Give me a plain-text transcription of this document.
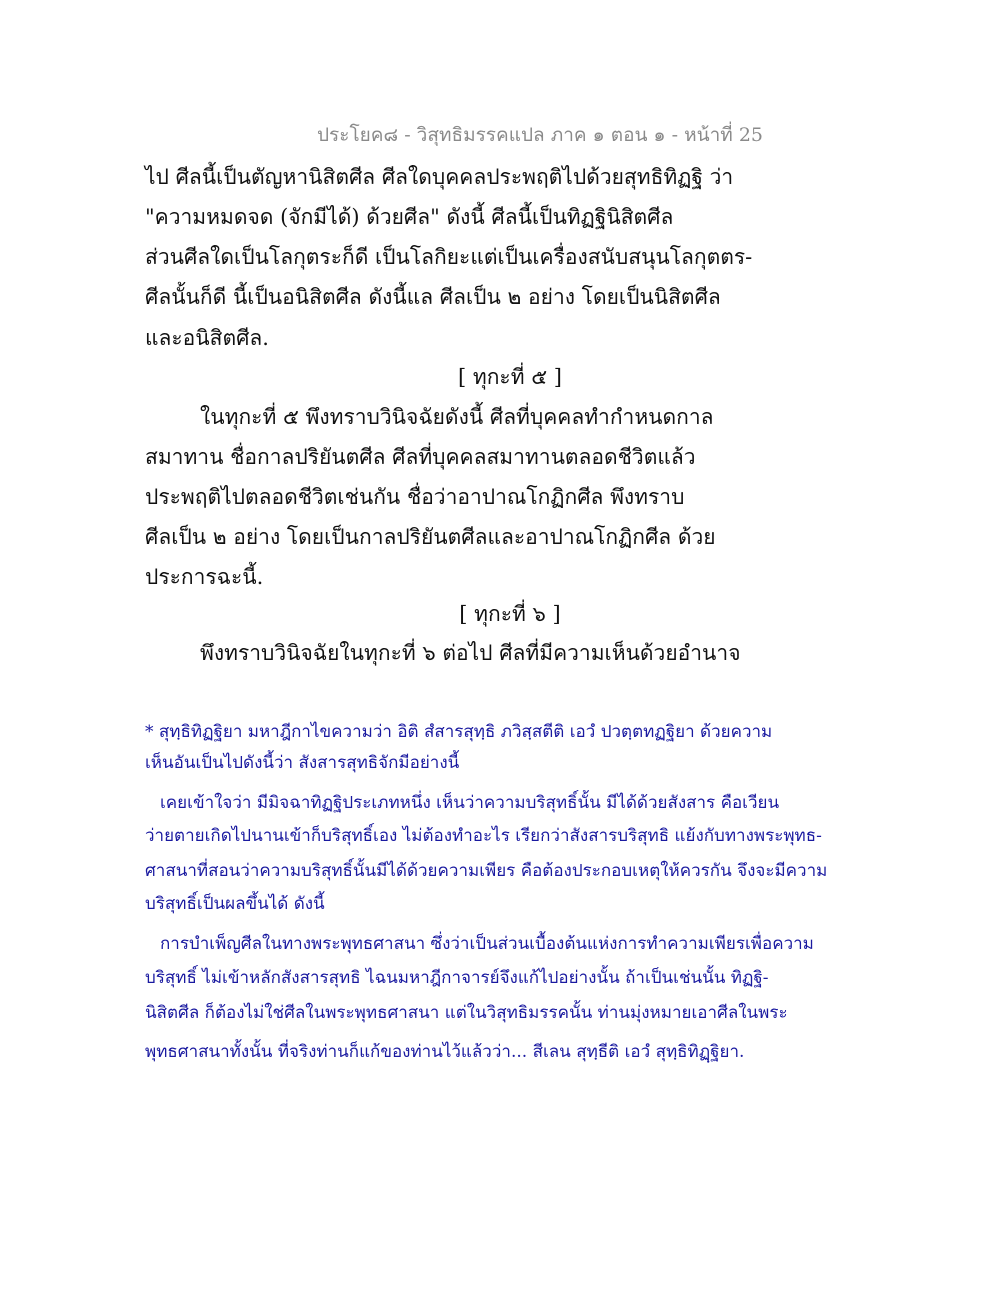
ประโยค๘ - วิสุทธิมรรคแปล ภาค ๑ ตอน ๑ - หน้าที่ 25
ไป ศีลนี้เป็นตัญหานิสิตศีล ศีลใดบุคคลประพฤติไปด้วยสุทธิทิฏฐิ ว่า
"ความหมดจด (จักมีได้) ด้วยศีล" ดังนี้ ศีลนี้เป็นทิฏฐินิสิตศีล
ส่วนศีลใดเป็นโลกุตระก็ดี เป็นโลกิยะแต่เป็นเครื่องสนับสนุนโลกุตตร-
ศีลนั้นก็ดี นี้เป็นอนิสิตศีล ดังนี้แล ศีลเป็น ๒ อย่าง โดยเป็นนิสิตศีล
และอนิสิตศีล.
[ ทุกะที่ ๕ ]
ในทุกะที่ ๕ พึงทราบวินิจฉัยดังนี้ ศีลที่บุคคลทำกำหนดกาล
สมาทาน ชื่อกาลปริยันตศีล ศีลที่บุคคลสมาทานตลอดชีวิตแล้ว
ประพฤติไปตลอดชีวิตเช่นกัน ชื่อว่าอาปาณโกฏิกศีล พึงทราบ
ศีลเป็น ๒ อย่าง โดยเป็นกาลปริยันตศีลและอาปาณโกฏิกศีล ด้วย
ประการฉะนี้.
[ ทุกะที่ ๖ ]
พึงทราบวินิจฉัยในทุกะที่ ๖ ต่อไป ศีลที่มีความเห็นด้วยอำนาจ
* สุทฺธิทิฏฐิยา มหาฎีกาไขความว่า อิติ สํสารสุทฺธิ ภวิสฺสตีติ เอวํ ปวตฺตทฏฐิยา ด้วยความ
เห็นอันเป็นไปดังนี้ว่า สังสารสุทธิจักมีอย่างนี้
เคยเข้าใจว่า มีมิจฉาทิฏฐิประเภทหนึ่ง เห็นว่าความบริสุทธิ์นั้น มีได้ด้วยสังสาร คือเวียน
ว่ายตายเกิดไปนานเข้าก็บริสุทธิ์เอง ไม่ต้องทำอะไร เรียกว่าสังสารบริสุทธิ แย้งกับทางพระพุทธ-
ศาสนาที่สอนว่าความบริสุทธิ์นั้นมีได้ด้วยความเพียร คือต้องประกอบเหตุให้ควรกัน จึงจะมีความ
บริสุทธิ์เป็นผลขึ้นได้ ดังนี้
การบำเพ็ญศีลในทางพระพุทธศาสนา ซึ่งว่าเป็นส่วนเบื้องต้นแห่งการทำความเพียรเพื่อความ
บริสุทธิ์ ไม่เข้าหลักสังสารสุทธิ ไฉนมหาฎีกาจารย์จึงแก้ไปอย่างนั้น ถ้าเป็นเช่นนั้น ทิฏฐิ-
นิสิตศีล ก็ต้องไม่ใช่ศีลในพระพุทธศาสนา แต่ในวิสุทธิมรรคนั้น ท่านมุ่งหมายเอาศีลในพระ
พุทธศาสนาทั้งนั้น ที่จริงท่านก็แก้ของท่านไว้แล้วว่า... สีเลน สุทฺธีติ เอวํ สุทฺธิทิฏฺฐิยา.
